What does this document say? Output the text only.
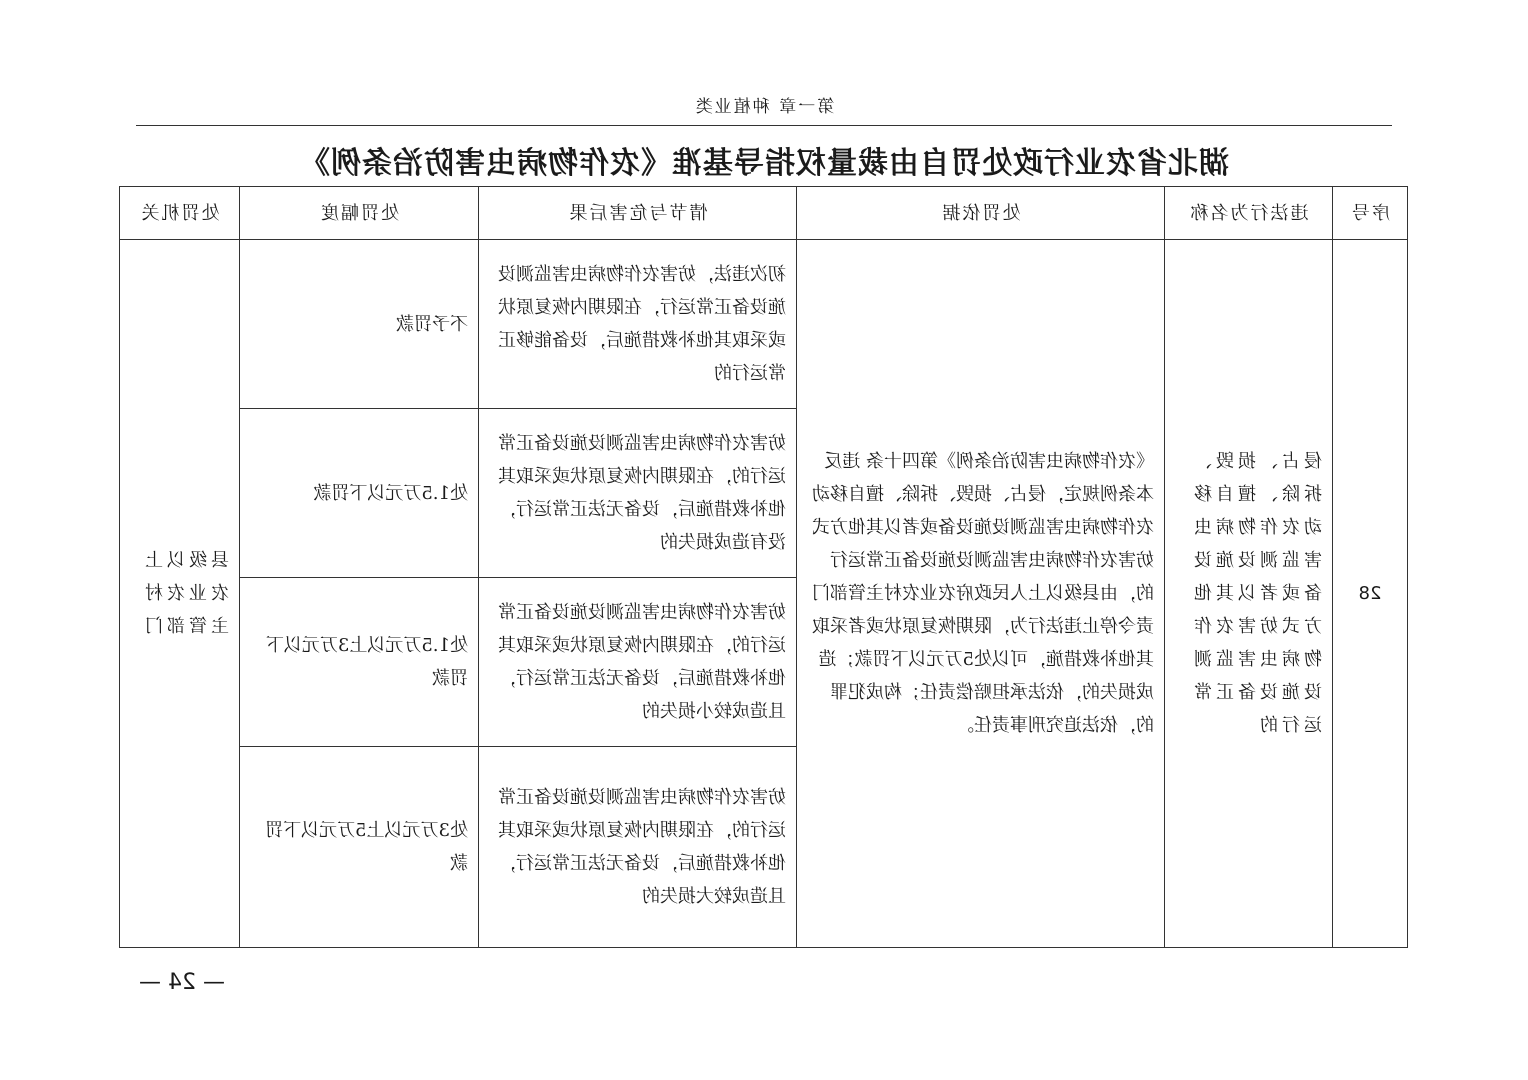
第一章 种植业类
湖北省农业行政处罚自由裁量权指导基准《农作物病虫害防治条例》
序号	违法行为名称	处罚依据	情节与危害后果	处罚幅度	处罚机关
28	侵占、损毁、拆除、擅自移动农作物病虫害监测设施设备或者以其他方式妨害农作物病虫害监测设施设备正常运行的	《农作物病虫害防治条例》第四十条 违反本条例规定，侵占、损毁、拆除、擅自移动农作物病虫害监测设施设备或者以其他方式妨害农作物病虫害监测设施设备正常运行的，由县级以上人民政府农业农村主管部门责令停止违法行为，限期恢复原状或者采取其他补救措施，可以处5万元以下罚款；造成损失的，依法承担赔偿责任；构成犯罪的，依法追究刑事责任。	初次违法，妨害农作物病虫害监测设施设备正常运行，在限期内恢复原状或采取其他补救措施后，设备能够正常运行的	不予罚款	县级以上农业农村主管部门
			妨害农作物病虫害监测设施设备正常运行的，在限期内恢复原状或采取其他补救措施后，设备无法正常运行，没有造成损失的	处1.5万元以下罚款	
			妨害农作物病虫害监测设施设备正常运行的，在限期内恢复原状或采取其他补救措施后，设备无法正常运行，且造成较小损失的	处1.5万元以上3万元以下罚款	
			妨害农作物病虫害监测设施设备正常运行的，在限期内恢复原状或采取其他补救措施后，设备无法正常运行，且造成较大损失的	处3万元以上5万元以下罚款	
— 24 —
